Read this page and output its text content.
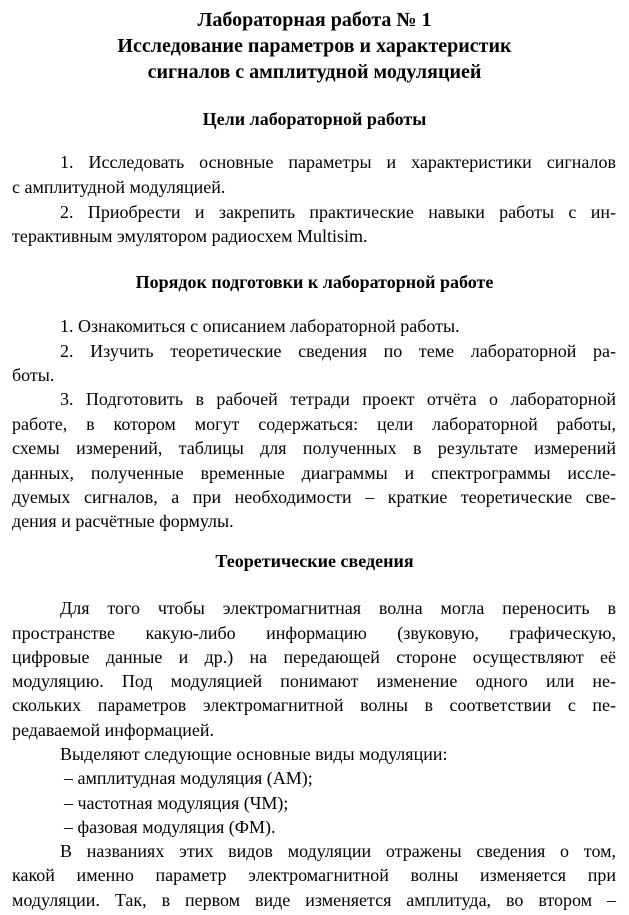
Лабораторная работа № 1
Исследование параметров и характеристик
сигналов с амплитудной модуляцией
Цели лабораторной работы
1. Исследовать основные параметры и характеристики сигналов
с амплитудной модуляцией.
2. Приобрести и закрепить практические навыки работы с ин-
терактивным эмулятором радиосхем Multisim.
Порядок подготовки к лабораторной работе
1. Ознакомиться с описанием лабораторной работы.
2. Изучить теоретические сведения по теме лабораторной ра-
боты.
3. Подготовить в рабочей тетради проект отчёта о лабораторной
работе, в котором могут содержаться: цели лабораторной работы,
схемы измерений, таблицы для полученных в результате измерений
данных, полученные временные диаграммы и спектрограммы иссле-
дуемых сигналов, а при необходимости – краткие теоретические све-
дения и расчётные формулы.
Теоретические сведения
Для того чтобы электромагнитная волна могла переносить в
пространстве какую-либо информацию (звуковую, графическую,
цифровые данные и др.) на передающей стороне осуществляют её
модуляцию. Под модуляцией понимают изменение одного или не-
скольких параметров электромагнитной волны в соответствии с пе-
редаваемой информацией.
Выделяют следующие основные виды модуляции:
– амплитудная модуляция (АМ);
– частотная модуляция (ЧМ);
– фазовая модуляция (ФМ).
В названиях этих видов модуляции отражены сведения о том,
какой именно параметр электромагнитной волны изменяется при
модуляции. Так, в первом виде изменяется амплитуда, во втором –
